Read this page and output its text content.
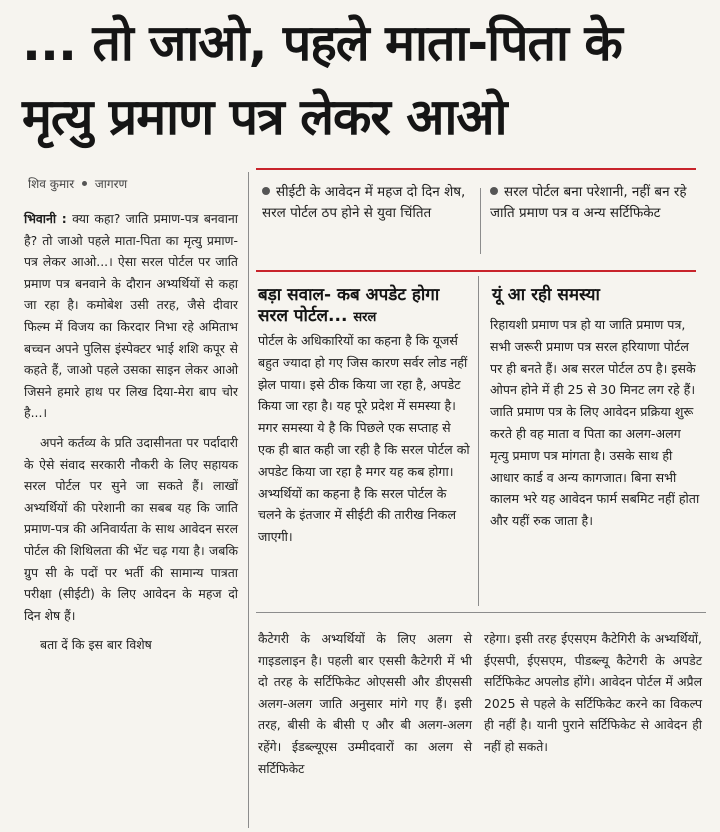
... तो जाओ, पहले माता-पिता के
मृत्यु प्रमाण पत्र लेकर आओ
शिव कुमार जागरण

भिवानी : क्या कहा? जाति प्रमाण-पत्र बनवाना है? तो जाओ पहले माता-पिता का मृत्यु प्रमाण-पत्र लेकर आओ...। ऐसा सरल पोर्टल पर जाति प्रमाण पत्र बनवाने के दौरान अभ्यर्थियों से कहा जा रहा है। कमोबेश उसी तरह, जैसे दीवार फिल्म में विजय का किरदार निभा रहे अमिताभ बच्चन अपने पुलिस इंस्पेक्टर भाई शशि कपूर से कहते हैं, जाओ पहले उसका साइन लेकर आओ जिसने हमारे हाथ पर लिख दिया-मेरा बाप चोर है...।

अपने कर्तव्य के प्रति उदासीनता पर पर्दादारी के ऐसे संवाद सरकारी नौकरी के लिए सहायक सरल पोर्टल पर सुने जा सकते हैं। लाखों अभ्यर्थियों की परेशानी का सबब यह कि जाति प्रमाण-पत्र की अनिवार्यता के साथ आवेदन सरल पोर्टल की शिथिलता की भेंट चढ़ गया है। जबकि ग्रुप सी के पदों पर भर्ती की सामान्य पात्रता परीक्षा (सीईटी) के लिए आवेदन के महज दो दिन शेष हैं।

बता दें कि इस बार विशेष

सीईटी के आवेदन में महज दो दिन शेष, सरल पोर्टल ठप होने से युवा चिंतित
सरल पोर्टल बना परेशानी, नहीं बन रहे जाति प्रमाण पत्र व अन्य सर्टिफिकेट
बड़ा सवाल- कब अपडेट होगा सरल पोर्टल... सरल
पोर्टल के अधिकारियों का कहना है कि यूजर्स बहुत ज्यादा हो गए जिस कारण सर्वर लोड नहीं झेल पाया। इसे ठीक किया जा रहा है, अपडेट किया जा रहा है। यह पूरे प्रदेश में समस्या है। मगर समस्या ये है कि पिछले एक सप्ताह से एक ही बात कही जा रही है कि सरल पोर्टल को अपडेट किया जा रहा है मगर यह कब होगा। अभ्यर्थियों का कहना है कि सरल पोर्टल के चलने के इंतजार में सीईटी की तारीख निकल जाएगी।
यूं आ रही समस्या
रिहायशी प्रमाण पत्र हो या जाति प्रमाण पत्र, सभी जरूरी प्रमाण पत्र सरल हरियाणा पोर्टल पर ही बनते हैं। अब सरल पोर्टल ठप है। इसके ओपन होने में ही 25 से 30 मिनट लग रहे हैं। जाति प्रमाण पत्र के लिए आवेदन प्रक्रिया शुरू करते ही वह माता व पिता का अलग-अलग मृत्यु प्रमाण पत्र मांगता है। उसके साथ ही आधार कार्ड व अन्य कागजात। बिना सभी कालम भरे यह आवेदन फार्म सबमिट नहीं होता और यहीं रुक जाता है।
कैटेगरी के अभ्यर्थियों के लिए अलग से गाइडलाइन है। पहली बार एससी कैटेगरी में भी दो तरह के सर्टिफिकेट ओएससी और डीएससी अलग-अलग जाति अनुसार मांगे गए हैं। इसी तरह, बीसी के बीसी ए और बी अलग-अलग रहेंगे। ईडब्ल्यूएस उम्मीदवारों का अलग से सर्टिफिकेट
रहेगा। इसी तरह ईएसएम कैटेगिरी के अभ्यर्थियों, ईएसपी, ईएसएम, पीडब्ल्यू कैटेगरी के अपडेट सर्टिफिकेट अपलोड होंगे। आवेदन पोर्टल में अप्रैल 2025 से पहले के सर्टिफिकेट करने का विकल्प ही नहीं है। यानी पुराने सर्टिफिकेट से आवेदन ही नहीं हो सकते।
